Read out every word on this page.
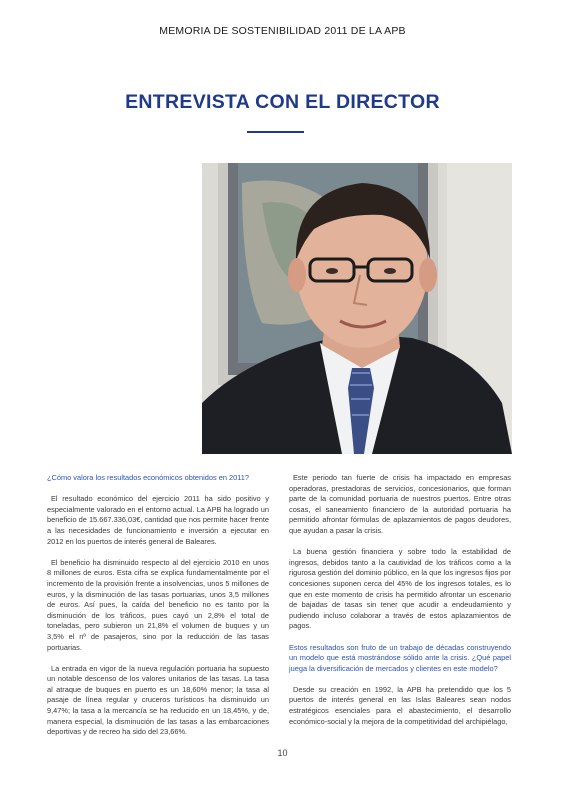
MEMORIA DE SOSTENIBILIDAD 2011 DE LA APB
ENTREVISTA CON EL DIRECTOR

¿Cómo valora los resultados económicos obtenidos en 2011?

El resultado económico del ejercicio 2011 ha sido positivo y especialmente valorado en el entorno actual. La APB ha logrado un beneficio de 15.667.336,03€, cantidad que nos permite hacer frente a las necesidades de funcionamiento e inversión a ejecutar en 2012 en los puertos de interés general de Baleares.

El beneficio ha disminuido respecto al del ejercicio 2010 en unos 8 millones de euros. Esta cifra se explica fundamentalmente por el incremento de la provisión frente a insolvencias, unos 5 millones de euros, y la disminución de las tasas portuarias, unos 3,5 millones de euros. Así pues, la caída del beneficio no es tanto por la disminución de los tráficos, pues cayó un 2,8% el total de toneladas, pero subieron un 21,8% el volumen de buques y un 3,5% el nº de pasajeros, sino por la reducción de las tasas portuarias.

La entrada en vigor de la nueva regulación portuaria ha supuesto un notable descenso de los valores unitarios de las tasas. La tasa al atraque de buques en puerto es un 18,60% menor; la tasa al pasaje de línea regular y cruceros turísticos ha disminuido un 9,47%; la tasa a la mercancía se ha reducido en un 18,45%, y de, manera especial, la disminución de las tasas a las embarcaciones deportivas y de recreo ha sido del 23,66%.

Este periodo tan fuerte de crisis ha impactado en empresas operadoras, prestadoras de servicios, concesionarios, que forman parte de la comunidad portuaria de nuestros puertos. Entre otras cosas, el saneamiento financiero de la autoridad portuaria ha permitido afrontar fórmulas de aplazamientos de pagos deudores, que ayudan a pasar la crisis.

La buena gestión financiera y sobre todo la estabilidad de ingresos, debidos tanto a la cautividad de los tráficos como a la rigurosa gestión del dominio público, en la que los ingresos fijos por concesiones suponen cerca del 45% de los ingresos totales, es lo que en este momento de crisis ha permitido afrontar un escenario de bajadas de tasas sin tener que acudir a endeudamiento y pudiendo incluso colaborar a través de estos aplazamientos de pagos.

Estos resultados son fruto de un trabajo de décadas construyendo un modelo que está mostrándose sólido ante la crisis. ¿Qué papel juega la diversificación de mercados y clientes en este modelo?

Desde su creación en 1992, la APB ha pretendido que los 5 puertos de interés general en las Islas Baleares sean nodos estratégicos esenciales para el abastecimiento, el desarrollo económico-social y la mejora de la competitividad del archipiélago,

10
